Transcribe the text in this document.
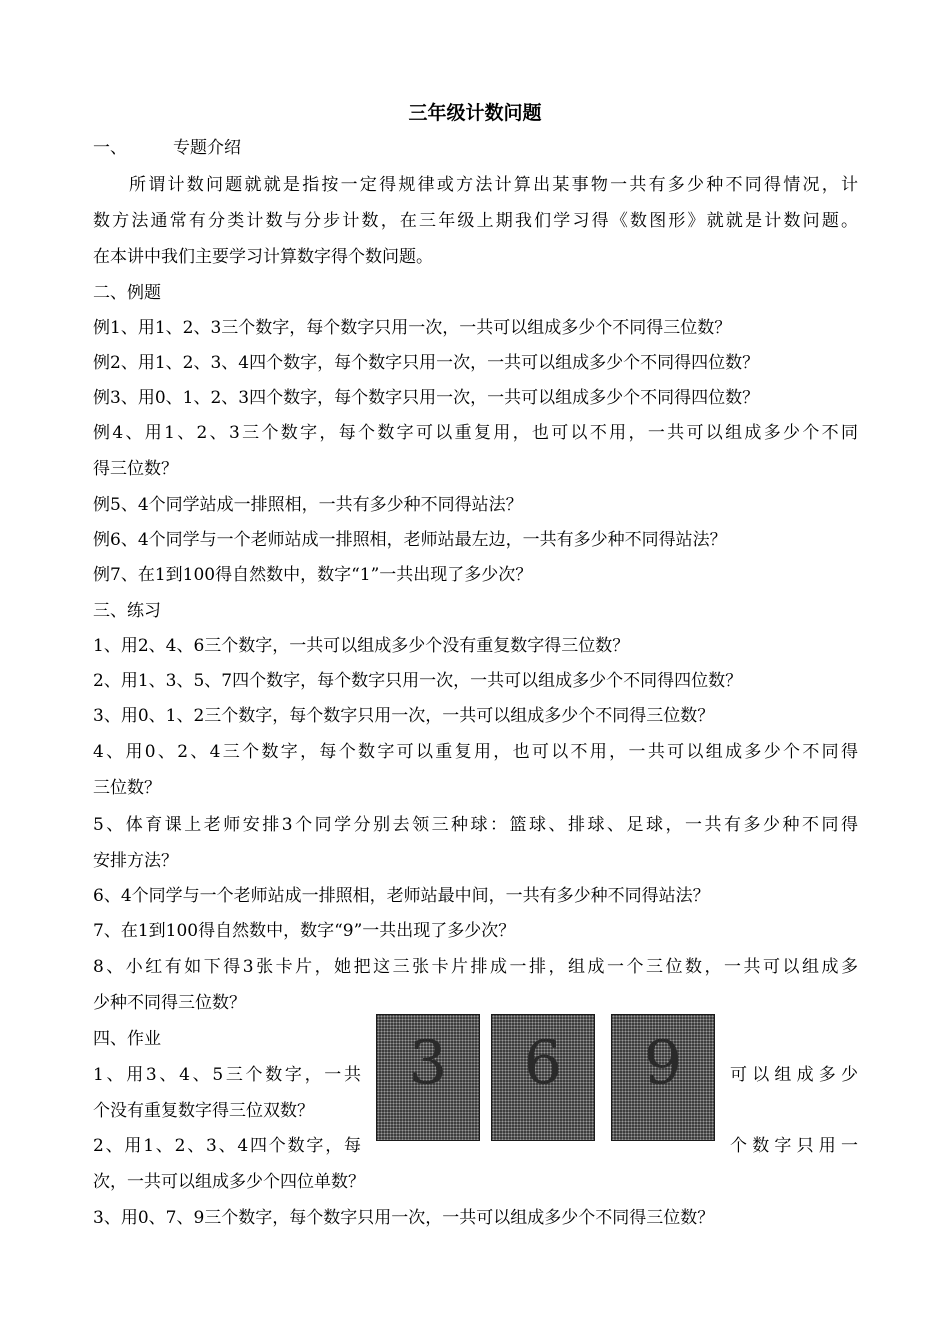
三年级计数问题
一、	专题介绍
所谓计数问题就就是指按一定得规律或方法计算出某事物一共有多少种不同得情况，计
数方法通常有分类计数与分步计数，在三年级上期我们学习得《数图形》就就是计数问题。
在本讲中我们主要学习计算数字得个数问题。
二、例题
例1、用1、2、3三个数字，每个数字只用一次，一共可以组成多少个不同得三位数？
例2、用1、2、3、4四个数字，每个数字只用一次，一共可以组成多少个不同得四位数？
例3、用0、1、2、3四个数字，每个数字只用一次，一共可以组成多少个不同得四位数？
例4、用1、2、3三个数字，每个数字可以重复用，也可以不用，一共可以组成多少个不同
得三位数？
例5、4个同学站成一排照相，一共有多少种不同得站法？
例6、4个同学与一个老师站成一排照相，老师站最左边，一共有多少种不同得站法？
例7、在1到100得自然数中，数字“1”一共出现了多少次？
三、练习
1、用2、4、6三个数字，一共可以组成多少个没有重复数字得三位数？
2、用1、3、5、7四个数字，每个数字只用一次，一共可以组成多少个不同得四位数？
3、用0、1、2三个数字，每个数字只用一次，一共可以组成多少个不同得三位数？
4、用0、2、4三个数字，每个数字可以重复用，也可以不用，一共可以组成多少个不同得
三位数？
5、体育课上老师安排3个同学分别去领三种球：篮球、排球、足球，一共有多少种不同得
安排方法？
6、4个同学与一个老师站成一排照相，老师站最中间，一共有多少种不同得站法？
7、在1到100得自然数中，数字“9”一共出现了多少次？
8、小红有如下得3张卡片，她把这三张卡片排成一排，组成一个三位数，一共可以组成多
少种不同得三位数？
四、作业
1、用3、4、5三个数字，一共	可以组成多少
个没有重复数字得三位双数？
2、用1、2、3、4四个数字，每	个数字只用一
次，一共可以组成多少个四位单数？
3、用0、7、9三个数字，每个数字只用一次，一共可以组成多少个不同得三位数？
3	6	9
